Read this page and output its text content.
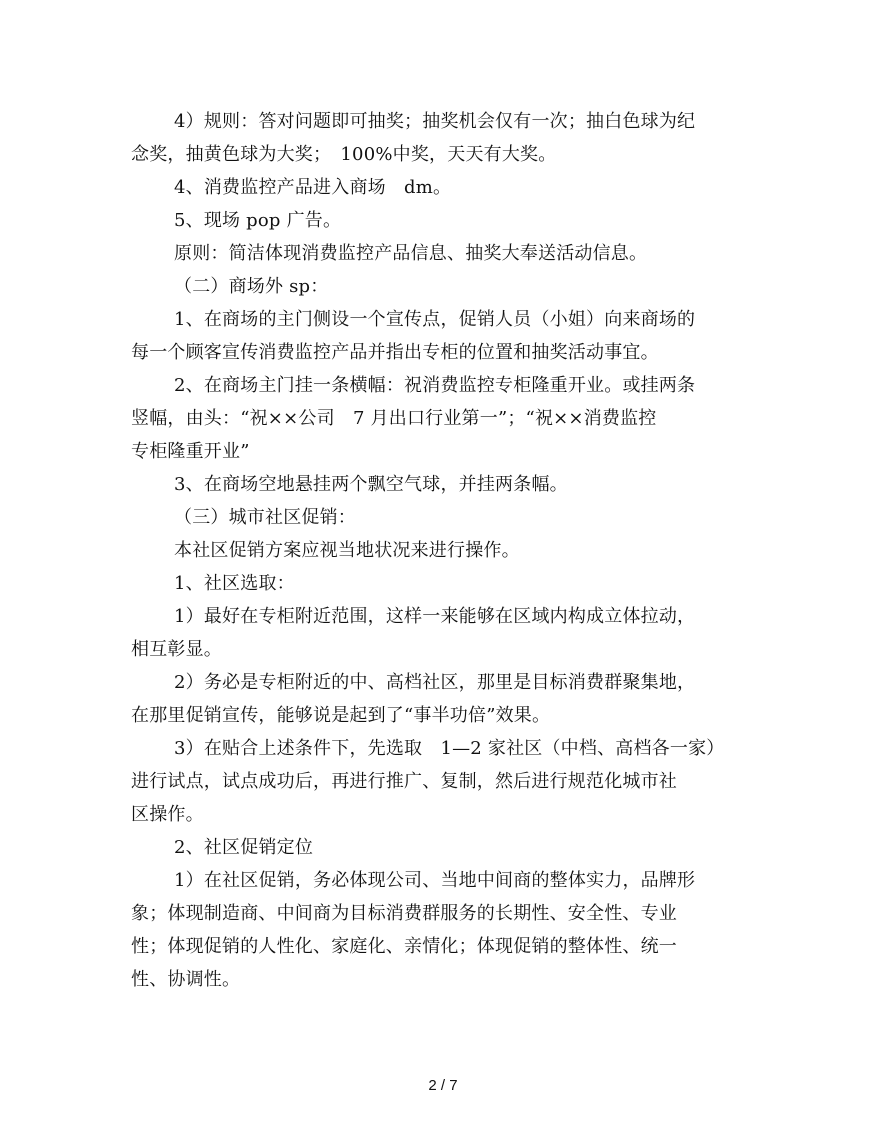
4）规则：答对问题即可抽奖；抽奖机会仅有一次；抽白色球为纪
念奖，抽黄色球为大奖；　100%中奖，天天有大奖。
4、消费监控产品进入商场　dm。
5、现场 pop 广告。
原则：简洁体现消费监控产品信息、抽奖大奉送活动信息。
（二）商场外 sp：
1、在商场的主门侧设一个宣传点，促销人员（小姐）向来商场的
每一个顾客宣传消费监控产品并指出专柜的位置和抽奖活动事宜。
2、在商场主门挂一条横幅：祝消费监控专柜隆重开业。或挂两条
竖幅，由头：“祝××公司　7 月出口行业第一”；“祝××消费监控
专柜隆重开业”
3、在商场空地悬挂两个飘空气球，并挂两条幅。
（三）城市社区促销：
本社区促销方案应视当地状况来进行操作。
1、社区选取：
1）最好在专柜附近范围，这样一来能够在区域内构成立体拉动，
相互彰显。
2）务必是专柜附近的中、高档社区，那里是目标消费群聚集地，
在那里促销宣传，能够说是起到了“事半功倍”效果。
3）在贴合上述条件下，先选取　1—2 家社区（中档、高档各一家）
进行试点，试点成功后，再进行推广、复制，然后进行规范化城市社
区操作。
2、社区促销定位
1）在社区促销，务必体现公司、当地中间商的整体实力，品牌形
象；体现制造商、中间商为目标消费群服务的长期性、安全性、专业
性；体现促销的人性化、家庭化、亲情化；体现促销的整体性、统一
性、协调性。
2 / 7
